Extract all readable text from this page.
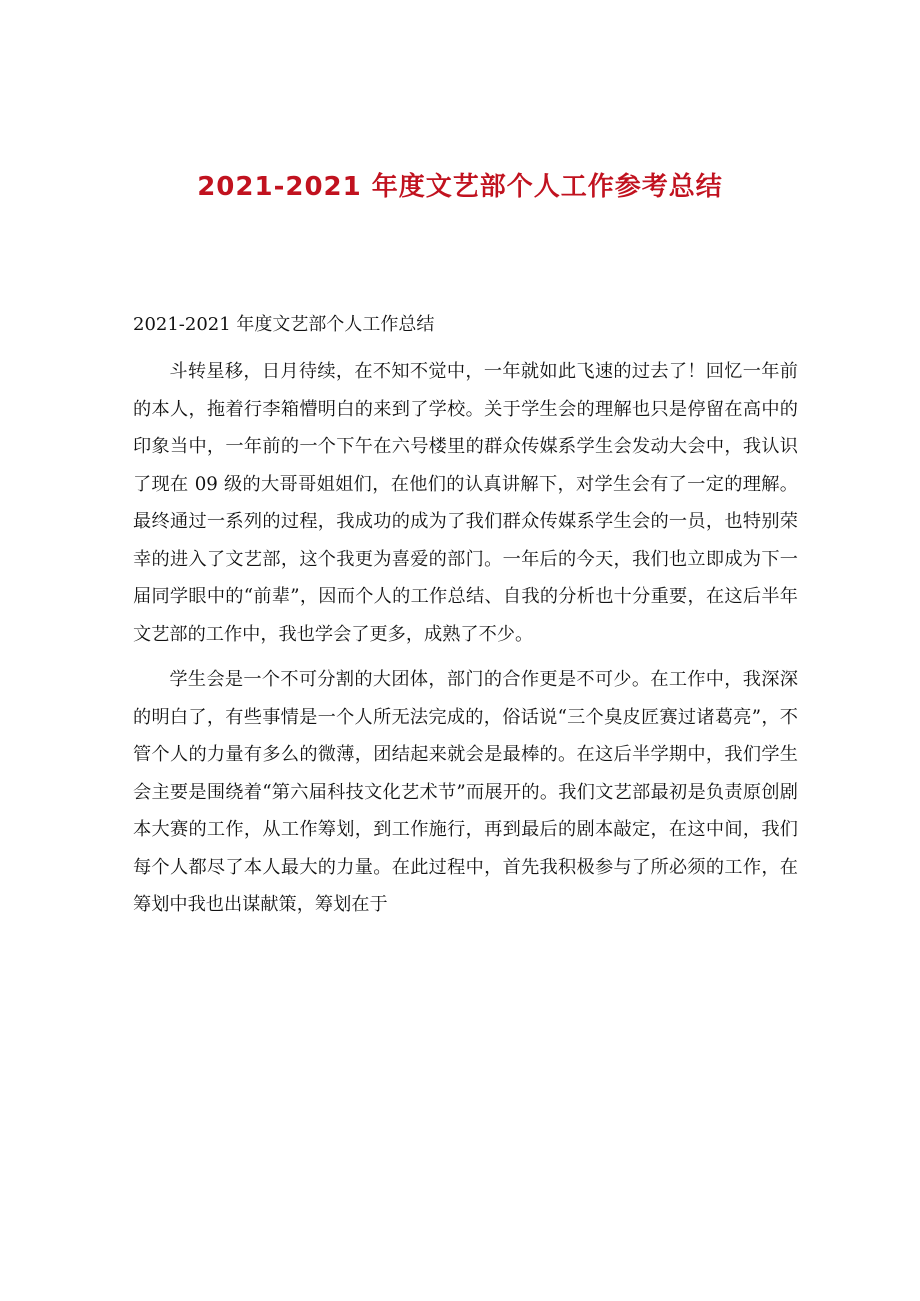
2021-2021 年度文艺部个人工作参考总结

2021-2021 年度文艺部个人工作总结

斗转星移，日月待续，在不知不觉中，一年就如此飞速的过去了！回忆一年前的本人，拖着行李箱懵明白的来到了学校。关于学生会的理解也只是停留在高中的印象当中，一年前的一个下午在六号楼里的群众传媒系学生会发动大会中，我认识了现在 09 级的大哥哥姐姐们，在他们的认真讲解下，对学生会有了一定的理解。最终通过一系列的过程，我成功的成为了我们群众传媒系学生会的一员，也特别荣幸的进入了文艺部，这个我更为喜爱的部门。一年后的今天，我们也立即成为下一届同学眼中的“前辈”，因而个人的工作总结、自我的分析也十分重要，在这后半年文艺部的工作中，我也学会了更多，成熟了不少。

学生会是一个不可分割的大团体，部门的合作更是不可少。在工作中，我深深的明白了，有些事情是一个人所无法完成的，俗话说“三个臭皮匠赛过诸葛亮”，不管个人的力量有多么的微薄，团结起来就会是最棒的。在这后半学期中，我们学生会主要是围绕着“第六届科技文化艺术节”而展开的。我们文艺部最初是负责原创剧本大赛的工作，从工作筹划，到工作施行，再到最后的剧本敲定，在这中间，我们每个人都尽了本人最大的力量。在此过程中，首先我积极参与了所必须的工作，在筹划中我也出谋献策，筹划在于
